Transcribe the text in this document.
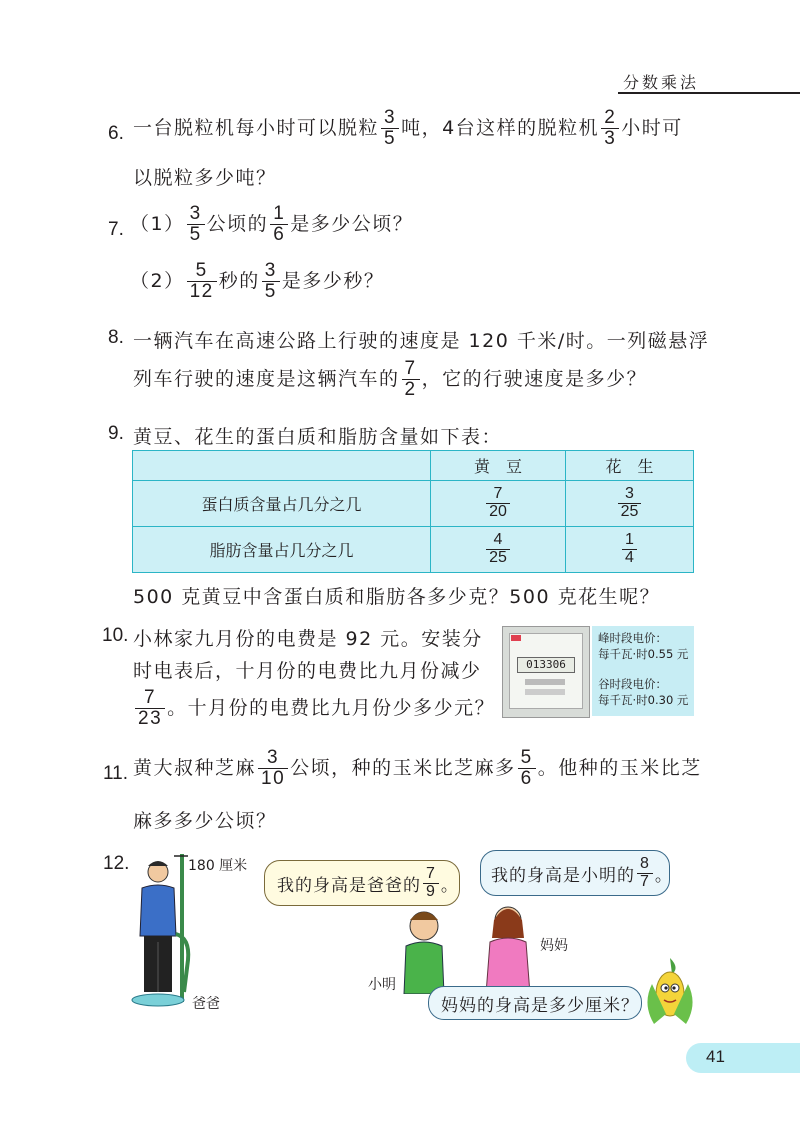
分数乘法
6. 一台脱粒机每小时可以脱粒 $\frac{3}{5}$ 吨，4台这样的脱粒机 $\frac{2}{3}$ 小时可
以脱粒多少吨？
7. $(1) \frac{3}{5}$ 公顷的 $\frac{1}{6}$ 是多少公顷？
$(2) \frac{5}{12}$ 秒的 $\frac{3}{5}$ 是多少秒？
8. 一辆汽车在高速公路上行驶的速度是 120 千米/时。一列磁悬浮
列车行驶的速度是这辆汽车的 $\frac{7}{2}$ ，它的行驶速度是多少？
9. 黄豆、花生的蛋白质和脂肪含量如下表：
	黄　豆	花　生
蛋白质含量占几分之几	$\frac{7}{20}$	$\frac{3}{25}$

脂肪含量占几分之几	$\frac{4}{25}$	$\frac{1}{4}$
500 克黄豆中含蛋白质和脂肪各多少克？500 克花生呢？
10. 小林家九月份的电费是 92 元。安装分
时电表后，十月份的电费比九月份减少
$\frac{7}{23}$ 。十月份的电费比九月份少多少元？
013306
峰时段电价：
每千瓦·时0.55 元
谷时段电价：
每千瓦·时0.30 元
11. 黄大叔种芝麻 $\frac{3}{10}$ 公顷，种的玉米比芝麻多 $\frac{5}{6}$ 。他种的玉米比芝
麻多多少公顷？
12.	180 厘米
爸爸
我的身高是爸爸的 $\frac{7}{9}$ 。 我的身高是小明的 $\frac{8}{7}$ 。
小明
妈妈
妈妈的身高是多少厘米？
41
